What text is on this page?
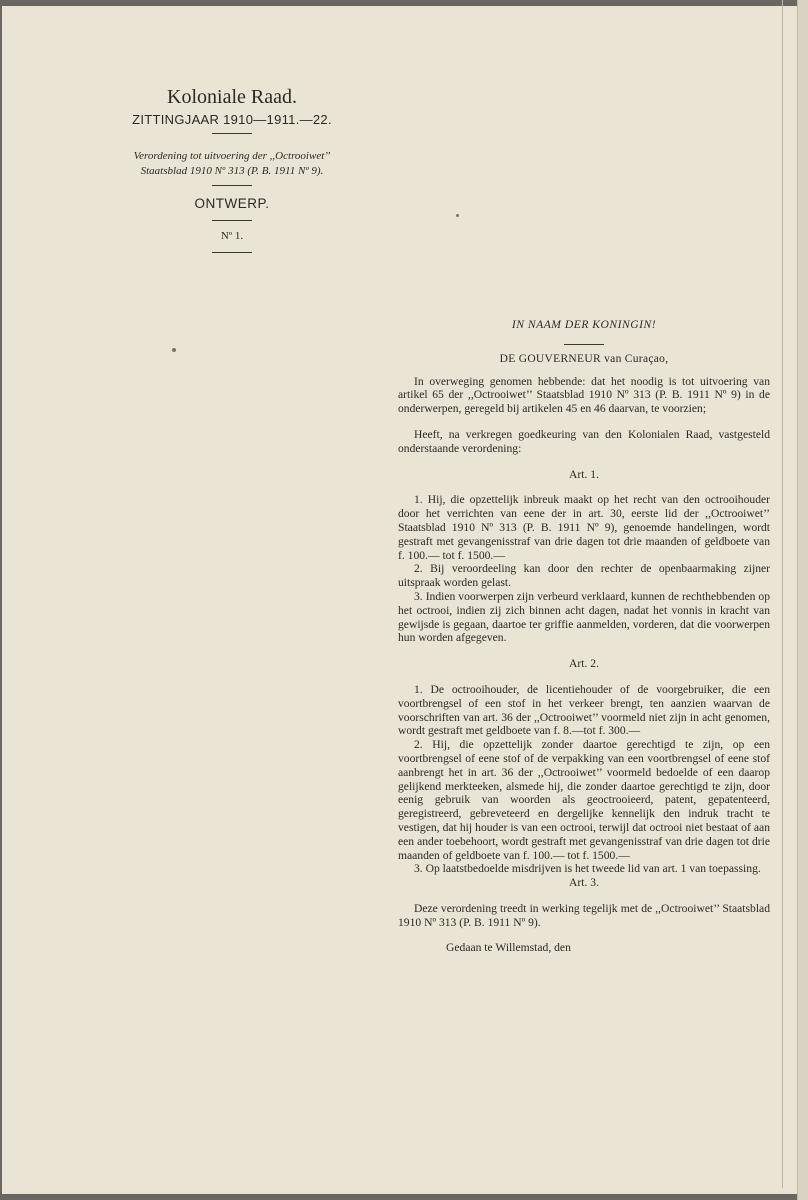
Koloniale Raad.
ZITTINGJAAR 1910—1911.—22.
Verordening tot uitvoering der ,,Octrooiwet’’
Staatsblad 1910 Nº 313 (P. B. 1911 Nº 9).
ONTWERP.
Nº 1.
IN NAAM DER KONINGIN!
DE GOUVERNEUR van Curaçao,

In overweging genomen hebbende: dat het noodig is tot uitvoering van artikel 65 der ,,Octrooiwet’’ Staatsblad 1910 Nº 313 (P. B. 1911 Nº 9) in de onderwerpen, geregeld bij artikelen 45 en 46 daarvan, te voorzien;

Heeft, na verkregen goedkeuring van den Kolonialen Raad, vastgesteld onderstaande verordening:

Art. 1.

1. Hij, die opzettelijk inbreuk maakt op het recht van den octrooihouder door het verrichten van eene der in art. 30, eerste lid der ,,Octrooiwet’’ Staatsblad 1910 Nº 313 (P. B. 1911 Nº 9), genoemde handelingen, wordt gestraft met gevangenisstraf van drie dagen tot drie maanden of geldboete van f. 100.— tot f. 1500.—

2. Bij veroordeeling kan door den rechter de openbaarmaking zijner uitspraak worden gelast.

3. Indien voorwerpen zijn verbeurd verklaard, kunnen de rechthebbenden op het octrooi, indien zij zich binnen acht dagen, nadat het vonnis in kracht van gewijsde is gegaan, daartoe ter griffie aanmelden, vorderen, dat die voorwerpen hun worden afgegeven.

Art. 2.

1. De octrooihouder, de licentiehouder of de voorgebruiker, die een voortbrengsel of een stof in het verkeer brengt, ten aanzien waarvan de voorschriften van art. 36 der ,,Octrooiwet’’ voormeld niet zijn in acht genomen, wordt gestraft met geldboete van f. 8.—tot f. 300.—

2. Hij, die opzettelijk zonder daartoe gerechtigd te zijn, op een voortbrengsel of eene stof of de verpakking van een voortbrengsel of eene stof aanbrengt het in art. 36 der ,,Octrooiwet’’ voormeld bedoelde of een daarop gelijkend merkteeken, alsmede hij, die zonder daartoe gerechtigd te zijn, door eenig gebruik van woorden als geoctrooieerd, patent, gepatenteerd, geregistreerd, gebreveteerd en dergelijke kennelijk den indruk tracht te vestigen, dat hij houder is van een octrooi, terwijl dat octrooi niet bestaat of aan een ander toebehoort, wordt gestraft met gevangenisstraf van drie dagen tot drie maanden of geldboete van f. 100.— tot f. 1500.—

3. Op laatstbedoelde misdrijven is het tweede lid van art. 1 van toepassing.

Art. 3.

Deze verordening treedt in werking tegelijk met de ,,Octrooiwet’’ Staatsblad 1910 Nº 313 (P. B. 1911 Nº 9).

Gedaan te Willemstad, den
